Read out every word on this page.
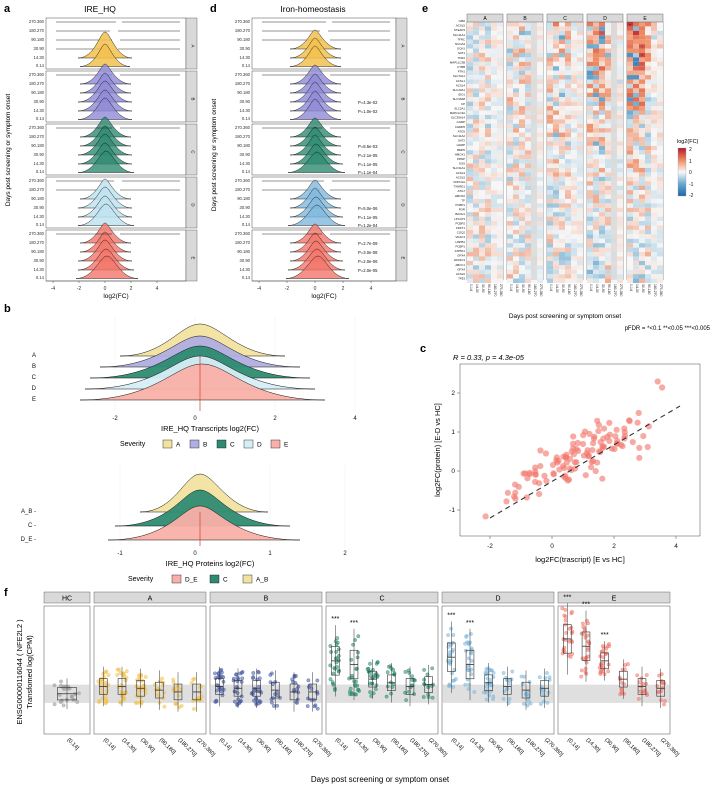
a	IRE_HQ
Days post screening or symptom onset
A
270.360
180.270
90.180
30.90
14.30
0.14
B
270.360
180.270
90.180
30.90
14.30
0.14
C
270.360
180.270
90.180
30.90
14.30
0.14
D
270.360
180.270
90.180
30.90
14.30
0.14
E
270.360
180.270
90.180
30.90
14.30
0.14
-4	-2	0	2	4
log2(FC)
d	Iron-homeostasis
Days post screening or symptom onset
A
270.360
180.270
90.180
30.90
14.30
0.14
B
270.360
180.270
90.180
30.90
14.30
0.14
P=4.3e-02
P=1.0e-02
C
270.360
180.270
90.180
30.90
14.30
0.14
P=8.5e-03
P=2.1e-05
P=1.1e-05
P=1.1e-04
D
270.360
180.270
90.180
30.90
14.30
0.14
P=5.0e-06
P=1.1e-05
P=1.2e-04
E
270.360
180.270
90.180
30.90
14.30
0.14
P=2.7e-09
P=3.0e-08
P=2.0e-06
P=2.0e-05
-4	-2	0	2	4
log2(FC)
e
CIB2
ACSL5
STEAP3
SLC11A1
TFRC
NCOA4
GCH1
SAT1
TFR2
MAP1LC3B
CYBB
FTH1
SLC7A11
ACSL1
ACSL4
SLC40A1
IDO1
SLC39A8
CP
SLC2A1
MAP1LC3A
SLC39A14
CAMP
CHMP6
ATG5
SLC11A2
SAT2
HAMP
BMP6
HMOX1
PRNP
GSS
SLC31A1
ACSL3
ACSL5
CDKN1A
TXNRD1
ATG7
HMOX2
TF
PCBP1
POR
BACH1
LPCAT3
PCBP2
FDFT1
COQ2
VDAC3
HSPB1
PCBP1
ATP5F1
GPX4
AKR1C3
ABCC1
GPX4
ACSL6
TP53
*
**
*
**
* *
A	B	C	D	E
0-14 14-30 30-90 90-180 180-270 270-360 0-14 14-30 30-90 90-180 180-270 270-360 0-14 14-30 30-90 90-180 180-270 270-360 0-14 14-30 30-90 90-180 180-270 270-360 0-14 14-30 30-90 90-180 180-270 270-360
Days post screening or symptom onset
p​FDR = *<0.1 **<0.05 ***<0.005
log2(FC)
2
1
0
-1
-2
b
A
B
C
D
E
-2	0	2	4
IRE_HQ Transcripts log2(FC)
Severity	A	B	C	D	E
A_B -
C -
D_E -
-1	0	1	2
IRE_HQ Proteins log2(FC)
Severity	D_E	C	A_B
c
R = 0.33, p = 4.3e-05
-2	0	2	4
-1
0
1
2
log2FC(trascript) [E vs HC]
log2FC(protein) [E-D vs HC]
f
ENSG00000116044 ( NFE2L2 ) Transfomed log(CPM)
HC
(0,14]
A
(0,14] (14,30] (30,90] (90,180] (180,270]
(270,360]
B
(0,14] (14,30] (30,90] (90,180] (180,270]
(270,360]
C
***
(0,14]
***
(14,30] (30,90] (90,180] (180,270]
(270,360]
D
***
(0,14]
***
(14,30] (30,90] (90,180] (180,270]
(270,360]
E
***
(0,14]
***
(14,30]
***
(30,90] (90,180] (180,270]
(270,360]
Days post screening or symptom onset
